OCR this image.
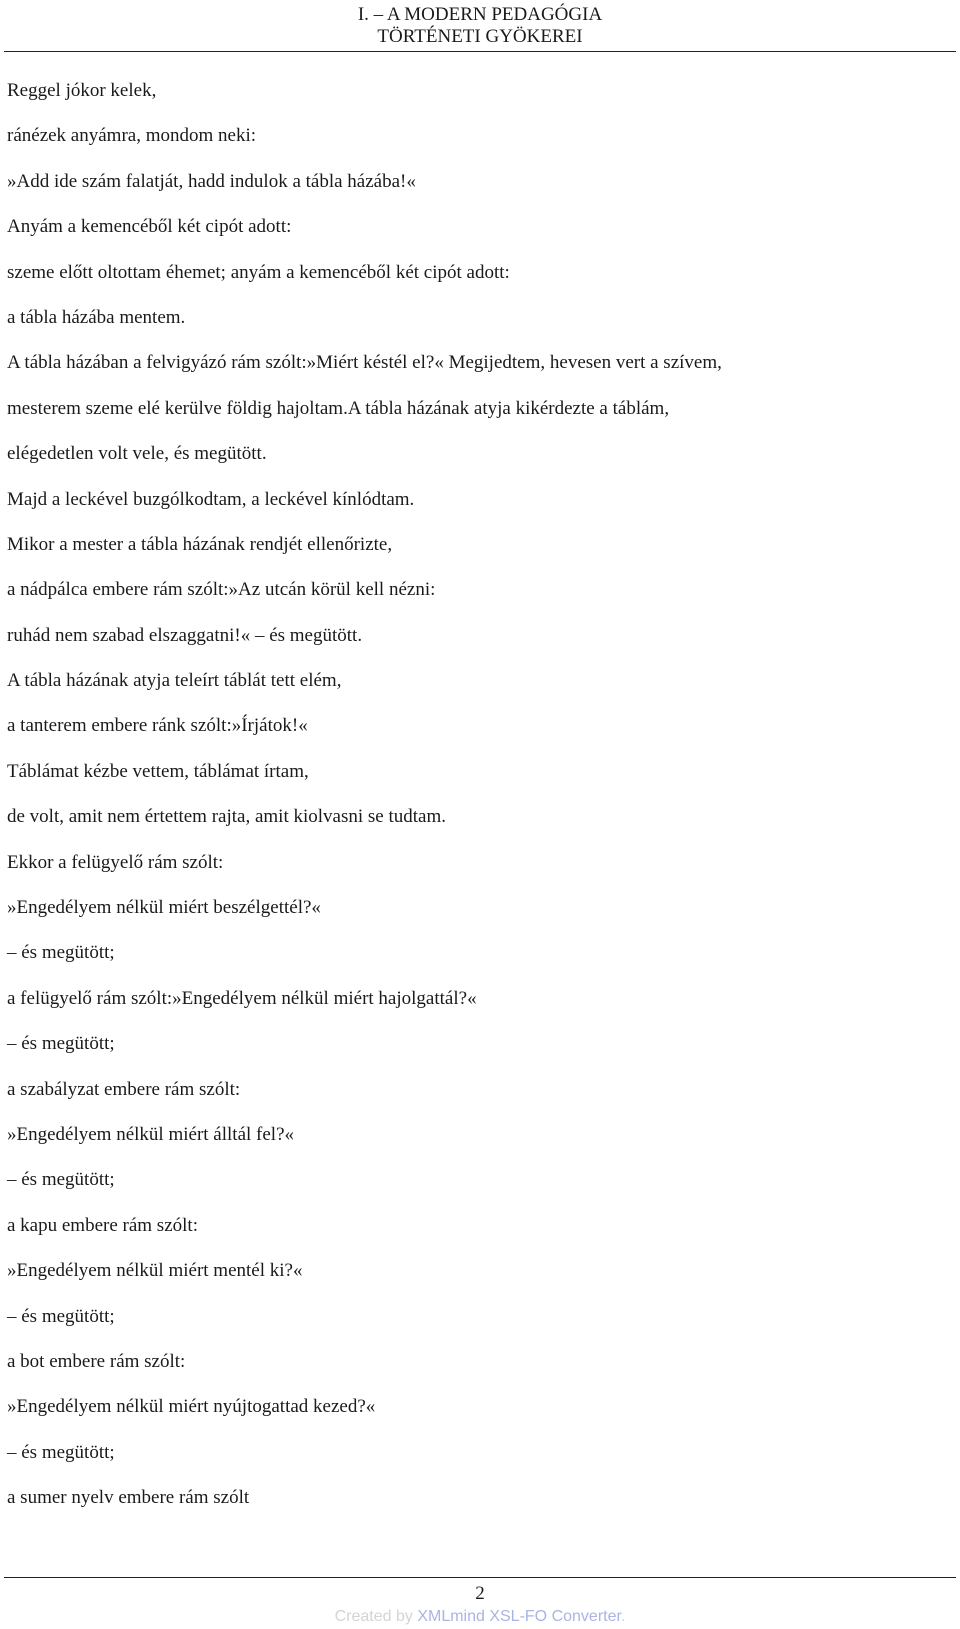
I. – A MODERN PEDAGÓGIA
TÖRTÉNETI GYÖKEREI
Reggel jókor kelek,
ránézek anyámra, mondom neki:
»Add ide szám falatját, hadd indulok a tábla házába!«
Anyám a kemencéből két cipót adott:
szeme előtt oltottam éhemet; anyám a kemencéből két cipót adott:
a tábla házába mentem.
A tábla házában a felvigyázó rám szólt:»Miért késtél el?« Megijedtem, hevesen vert a szívem,
mesterem szeme elé kerülve földig hajoltam.A tábla házának atyja kikérdezte a táblám,
elégedetlen volt vele, és megütött.
Majd a leckével buzgólkodtam, a leckével kínlódtam.
Mikor a mester a tábla házának rendjét ellenőrizte,
a nádpálca embere rám szólt:»Az utcán körül kell nézni:
ruhád nem szabad elszaggatni!« – és megütött.
A tábla házának atyja teleírt táblát tett elém,
a tanterem embere ránk szólt:»Írjátok!«
Táblámat kézbe vettem, táblámat írtam,
de volt, amit nem értettem rajta, amit kiolvasni se tudtam.
Ekkor a felügyelő rám szólt:
»Engedélyem nélkül miért beszélgettél?«
– és megütött;
a felügyelő rám szólt:»Engedélyem nélkül miért hajolgattál?«
– és megütött;
a szabályzat embere rám szólt:
»Engedélyem nélkül miért álltál fel?«
– és megütött;
a kapu embere rám szólt:
»Engedélyem nélkül miért mentél ki?«
– és megütött;
a bot embere rám szólt:
»Engedélyem nélkül miért nyújtogattad kezed?«
– és megütött;
a sumer nyelv embere rám szólt
2
Created by XMLmind XSL-FO Converter.
